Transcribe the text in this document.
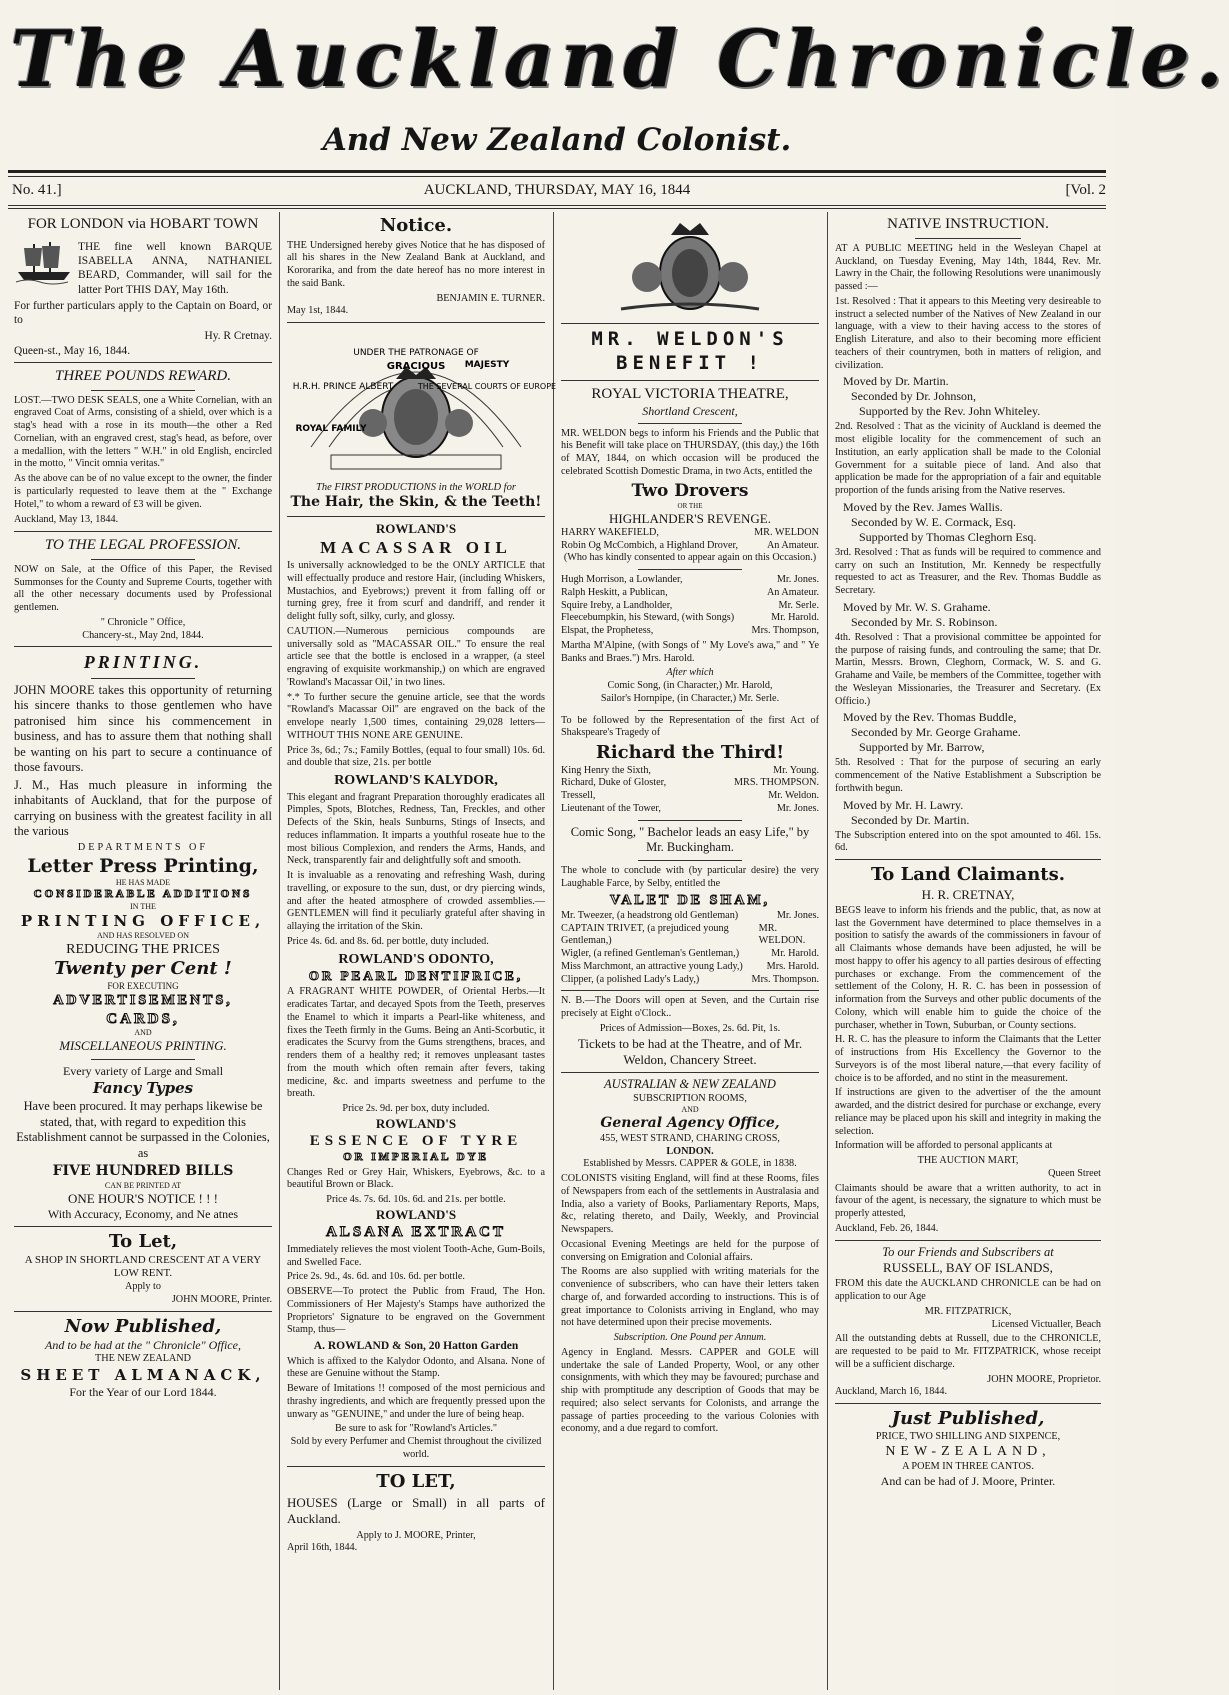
The Auckland Chronicle.
And New Zealand Colonist.
No. 41.]	AUCKLAND, THURSDAY, MAY 16, 1844	[Vol. 2
FOR LONDON via HOBART TOWN

THE fine well known BARQUE ISABELLA ANNA, NATHANIEL BEARD, Commander, will sail for the latter Port THIS DAY, May 16th.

For further particulars apply to the Captain on Board, or to

Hy. R Cretnay.
Queen-st., May 16, 1844.
THREE POUNDS REWARD.

LOST.—TWO DESK SEALS, one a White Cornelian, with an engraved Coat of Arms, consisting of a shield, over which is a stag's head with a rose in its mouth—the other a Red Cornelian, with an engraved crest, stag's head, as before, over a medallion, with the letters " W.H." in old English, encircled in the motto, " Vincit omnia veritas."

As the above can be of no value except to the owner, the finder is particularly requested to leave them at the " Exchange Hotel," to whom a reward of £3 will be given.

Auckland, May 13, 1844.
TO THE LEGAL PROFESSION.

NOW on Sale, at the Office of this Paper, the Revised Summonses for the County and Supreme Courts, together with all the other necessary documents used by Professional gentlemen.

" Chronicle " Office,
Chancery-st., May 2nd, 1844.
PRINTING.

JOHN MOORE takes this opportunity of returning his sincere thanks to those gentlemen who have patronised him since his commencement in business, and has to assure them that nothing shall be wanting on his part to secure a continuance of those favours.

J. M., Has much pleasure in informing the inhabitants of Auckland, that for the purpose of carrying on business with the greatest facility in all the various

DEPARTMENTS OF
Letter Press Printing,
HE HAS MADE
CONSIDERABLE ADDITIONS
IN THE
PRINTING OFFICE,
AND HAS RESOLVED ON
REDUCING THE PRICES
Twenty per Cent !
FOR EXECUTING
ADVERTISEMENTS,
CARDS,
AND
MISCELLANEOUS PRINTING.
Every variety of Large and Small
Fancy Types

Have been procured. It may perhaps likewise be stated, that, with regard to expedition this Establishment cannot be surpassed in the Colonies, as

FIVE HUNDRED BILLS
CAN BE PRINTED AT
ONE HOUR'S NOTICE ! ! !
With Accuracy, Economy, and Ne atnes
To Let,
A SHOP IN SHORTLAND CRESCENT AT A VERY LOW RENT.
Apply to
JOHN MOORE, Printer.
Now Published,
And to be had at the " Chronicle" Office,
THE NEW ZEALAND
SHEET ALMANACK,
For the Year of our Lord 1844.
Notice.

THE Undersigned hereby gives Notice that he has disposed of all his shares in the New Zealand Bank at Auckland, and Kororarika, and from the date hereof has no more interest in the said Bank.

BENJAMIN E. TURNER.
May 1st, 1844.
UNDER THE PATRONAGE OF
GRACIOUS
H.R.H. PRINCE ALBERT	THE SEVERAL COURTS OF EUROPE
ROYAL FAMILY
MAJESTY
The FIRST PRODUCTIONS in the WORLD for
The Hair, the Skin, & the Teeth!
ROWLAND'S
MACASSAR OIL

Is universally acknowledged to be the ONLY ARTICLE that will effectually produce and restore Hair, (including Whiskers, Mustachios, and Eyebrows;) prevent it from falling off or turning grey, free it from scurf and dandriff, and render it delight fully soft, silky, curly, and glossy.

CAUTION.—Numerous pernicious compounds are universally sold as "MACASSAR OIL." To ensure the real article see that the bottle is enclosed in a wrapper, (a steel engraving of exquisite workmanship,) on which are engraved 'Rowland's Macassar Oil,' in two lines.

*.* To further secure the genuine article, see that the words "Rowland's Macassar Oil" are engraved on the back of the envelope nearly 1,500 times, containing 29,028 letters—WITHOUT THIS NONE ARE GENUINE.

Price 3s, 6d.; 7s.; Family Bottles, (equal to four small) 10s. 6d. and double that size, 21s. per bottle

ROWLAND'S KALYDOR,

This elegant and fragrant Preparation thoroughly eradicates all Pimples, Spots, Blotches, Redness, Tan, Freckles, and other Defects of the Skin, heals Sunburns, Stings of Insects, and reduces inflammation. It imparts a youthful roseate hue to the most bilious Complexion, and renders the Arms, Hands, and Neck, transparently fair and delightfully soft and smooth.

It is invaluable as a renovating and refreshing Wash, during travelling, or exposure to the sun, dust, or dry piercing winds, and after the heated atmosphere of crowded assemblies.—GENTLEMEN will find it peculiarly grateful after shaving in allaying the irritation of the Skin.

Price 4s. 6d. and 8s. 6d. per bottle, duty included.

ROWLAND'S ODONTO,
OR PEARL DENTIFRICE,

A FRAGRANT WHITE POWDER, of Oriental Herbs.—It eradicates Tartar, and decayed Spots from the Teeth, preserves the Enamel to which it imparts a Pearl-like whiteness, and fixes the Teeth firmly in the Gums. Being an Anti-Scorbutic, it eradicates the Scurvy from the Gums strengthens, braces, and renders them of a healthy red; it removes unpleasant tastes from the mouth which often remain after fevers, taking medicine, &c. and imparts sweetness and perfume to the breath.

Price 2s. 9d. per box, duty included.
ROWLAND'S
ESSENCE OF TYRE
OR IMPERIAL DYE

Changes Red or Grey Hair, Whiskers, Eyebrows, &c. to a beautiful Brown or Black.

Price 4s. 7s. 6d. 10s. 6d. and 21s. per bottle.
ROWLAND'S
ALSANA EXTRACT

Immediately relieves the most violent Tooth-Ache, Gum-Boils, and Swelled Face.

Price 2s. 9d., 4s. 6d. and 10s. 6d. per bottle.

OBSERVE—To protect the Public from Fraud, The Hon. Commissioners of Her Majesty's Stamps have authorized the Proprietors' Signature to be engraved on the Government Stamp, thus—

A. ROWLAND & Son, 20 Hatton Garden

Which is affixed to the Kalydor Odonto, and Alsana. None of these are Genuine without the Stamp.

Beware of Imitations !! composed of the most pernicious and thrashy ingredients, and which are frequently pressed upon the unwary as "GENUINE," and under the lure of being heap.

Be sure to ask for "Rowland's Articles."
Sold by every Perfumer and Chemist throughout the civilized world.
TO LET,

HOUSES (Large or Small) in all parts of Auckland.

Apply to J. MOORE, Printer,
April 16th, 1844.
MR. WELDON'S BENEFIT !
ROYAL VICTORIA THEATRE,
Shortland Crescent,

MR. WELDON begs to inform his Friends and the Public that his Benefit will take place on THURSDAY, (this day,) the 16th of MAY, 1844, on which occasion will be produced the celebrated Scottish Domestic Drama, in two Acts, entitled the

Two Drovers
OR THE
HIGHLANDER'S REVENGE.
HARRY WAKEFIELD,	MR. WELDON
Robin Og McCombich, a Highland Drover,	An Amateur.
(Who has kindly consented to appear again on this Occasion.)
Hugh Morrison, a Lowlander,	Mr. Jones.
Ralph Heskitt, a Publican,	An Amateur.
Squire Ireby, a Landholder,	Mr. Serle.
Fleecebumpkin, his Steward, (with Songs)	Mr. Harold.
Elspat, the Prophetess,	Mrs. Thompson,

Martha M'Alpine, (with Songs of " My Love's awa," and " Ye Banks and Braes.") Mrs. Harold.

After which
Comic Song, (in Character,) Mr. Harold,
Sailor's Hornpipe, (in Character,) Mr. Serle.

To be followed by the Representation of the first Act of Shakspeare's Tragedy of

Richard the Third!
King Henry the Sixth,	Mr. Young.
Richard, Duke of Gloster,	MRS. THOMPSON.
Tressell,	Mr. Weldon.
Lieutenant of the Tower,	Mr. Jones.
Comic Song, " Bachelor leads an easy Life," by Mr. Buckingham.

The whole to conclude with (by particular desire) the very Laughable Farce, by Selby, entitled the

VALET DE SHAM,
Mr. Tweezer, (a headstrong old Gentleman)	Mr. Jones.
CAPTAIN TRIVET, (a prejudiced young Gentleman,)
MR. WELDON.
Wigler, (a refined Gentleman's Gentleman,)	Mr. Harold.
Miss Marchmont, an attractive young Lady,) Mrs. Harold.
Clipper, (a polished Lady's Lady,)	Mrs. Thompson.

N. B.—The Doors will open at Seven, and the Curtain rise precisely at Eight o'Clock..

Prices of Admission—Boxes, 2s. 6d. Pit, 1s.
Tickets to be had at the Theatre, and of Mr. Weldon, Chancery Street.
AUSTRALIAN & NEW ZEALAND
SUBSCRIPTION ROOMS,
AND
General Agency Office,
455, WEST STRAND, CHARING CROSS,
LONDON.
Established by Messrs. CAPPER & GOLE, in 1838.

COLONISTS visiting England, will find at these Rooms, files of Newspapers from each of the settlements in Australasia and India, also a variety of Books, Parliamentary Reports, Maps, &c, relating thereto, and Daily, Weekly, and Provincial Newspapers.

Occasional Evening Meetings are held for the purpose of conversing on Emigration and Colonial affairs.

The Rooms are also supplied with writing materials for the convenience of subscribers, who can have their letters taken charge of, and forwarded according to instructions. This is of great importance to Colonists arriving in England, who may not have determined upon their precise movements.

Subscription. One Pound per Annum.

Agency in England. Messrs. CAPPER and GOLE will undertake the sale of Landed Property, Wool, or any other consignments, with which they may be favoured; purchase and ship with promptitude any description of Goods that may be required; also select servants for Colonists, and arrange the passage of parties proceeding to the various Colonies with economy, and a due regard to comfort.

NATIVE INSTRUCTION.

AT A PUBLIC MEETING held in the Wesleyan Chapel at Auckland, on Tuesday Evening, May 14th, 1844, Rev. Mr. Lawry in the Chair, the following Resolutions were unanimously passed :—

1st. Resolved : That it appears to this Meeting very desireable to instruct a selected number of the Natives of New Zealand in our language, with a view to their having access to the stores of English Literature, and also to their becoming more efficient teachers of their countrymen, both in matters of religion, and civilization.

Moved by Dr. Martin.
Seconded by Dr. Johnson,
Supported by the Rev. John Whiteley.

2nd. Resolved : That as the vicinity of Auckland is deemed the most eligible locality for the commencement of such an Institution, an early application shall be made to the Colonial Government for a suitable piece of land. And also that application be made for the appropriation of a fair and equitable proportion of the funds arising from the Native reserves.

Moved by the Rev. James Wallis.
Seconded by W. E. Cormack, Esq.
Supported by Thomas Cleghorn Esq.

3rd. Resolved : That as funds will be required to commence and carry on such an Institution, Mr. Kennedy be respectfully requested to act as Treasurer, and the Rev. Thomas Buddle as Secretary.

Moved by Mr. W. S. Grahame.
Seconded by Mr. S. Robinson.

4th. Resolved : That a provisional committee be appointed for the purpose of raising funds, and controuling the same; that Dr. Martin, Messrs. Brown, Cleghorn, Cormack, W. S. and G. Grahame and Vaile, be members of the Committee, together with the Wesleyan Missionaries, the Treasurer and Secretary. (Ex Officio.)

Moved by the Rev. Thomas Buddle,
Seconded by Mr. George Grahame.
Supported by Mr. Barrow,

5th. Resolved : That for the purpose of securing an early commencement of the Native Establishment a Subscription be forthwith begun.

Moved by Mr. H. Lawry.
Seconded by Dr. Martin.

The Subscription entered into on the spot amounted to 46l. 15s. 6d.

To Land Claimants.
H. R. CRETNAY,

BEGS leave to inform his friends and the public, that, as now at last the Government have determined to place themselves in a position to satisfy the awards of the commissioners in favour of all Claimants whose demands have been adjusted, he will be most happy to offer his agency to all parties desirous of effecting purchases or exchange. From the commencement of the settlement of the Colony, H. R. C. has been in possession of information from the Surveys and other public documents of the Colony, which will enable him to guide the choice of the purchaser, whether in Town, Suburban, or County sections.

H. R. C. has the pleasure to inform the Claimants that the Letter of instructions from His Excellency the Governor to the Surveyors is of the most liberal nature,—that every facility of choice is to be afforded, and no stint in the measurement.

If instructions are given to the advertiser of the the amount awarded, and the district desired for purchase or exchange, every reliance may be placed upon his skill and integrity in making the selection.

Information will be afforded to personal applicants at

THE AUCTION MART,
Queen Street

Claimants should be aware that a written authority, to act in favour of the agent, is necessary, the signature to which must be properly attested,

Auckland, Feb. 26, 1844.
To our Friends and Subscribers at
RUSSELL, BAY OF ISLANDS,

FROM this date the AUCKLAND CHRONICLE can be had on application to our Age

MR. FITZPATRICK,
Licensed Victualler, Beach

All the outstanding debts at Russell, due to the CHRONICLE, are requested to be paid to Mr. FITZPATRICK, whose receipt will be a sufficient discharge.

JOHN MOORE, Proprietor.
Auckland, March 16, 1844.
Just Published,
PRICE, TWO SHILLING AND SIXPENCE,
NEW-ZEALAND,
A POEM IN THREE CANTOS.
And can be had of J. Moore, Printer.
